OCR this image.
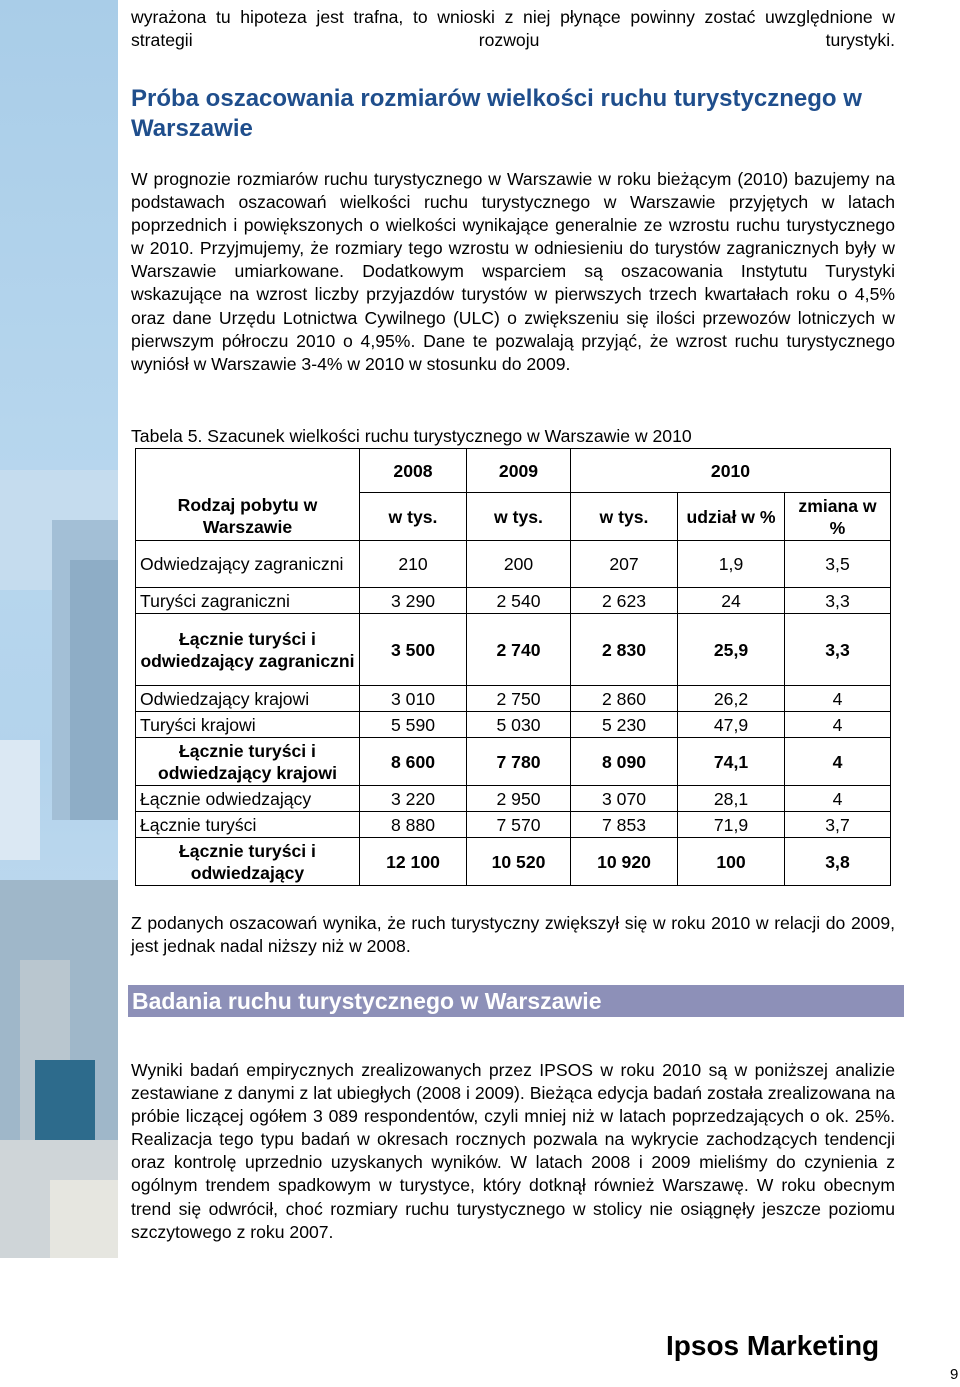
wyrażona tu hipoteza jest trafna, to wnioski z niej płynące powinny zostać uwzględnione w strategii rozwoju turystyki.

Próba oszacowania rozmiarów wielkości ruchu turystycznego w Warszawie

W prognozie rozmiarów ruchu turystycznego w Warszawie w roku bieżącym (2010) bazujemy na podstawach oszacowań wielkości ruchu turystycznego w Warszawie przyjętych w latach poprzednich i powiększonych o wielkości wynikające generalnie ze wzrostu ruchu turystycznego w 2010. Przyjmujemy, że rozmiary tego wzrostu w odniesieniu do turystów zagranicznych były w Warszawie umiarkowane. Dodatkowym wsparciem są oszacowania Instytutu Turystyki wskazujące na wzrost liczby przyjazdów turystów w pierwszych trzech kwartałach roku o 4,5% oraz dane Urzędu Lotnictwa Cywilnego (ULC) o zwiększeniu się ilości przewozów lotniczych w pierwszym półroczu 2010 o 4,95%. Dane te pozwalają przyjąć, że wzrost ruchu turystycznego wyniósł w Warszawie 3-4% w 2010 w stosunku do 2009.

Tabela 5. Szacunek wielkości ruchu turystycznego w Warszawie w 2010

	2008	2009	2010		
Rodzaj pobytu w Warszawie	w tys.	w tys.	w tys.	udział w %	zmiana w %
Odwiedzający zagraniczni	210	200	207	1,9	3,5
Turyści zagraniczni	3 290	2 540	2 623	24	3,3
Łącznie turyści i odwiedzający zagraniczni	3 500	2 740	2 830	25,9	3,3
Odwiedzający krajowi	3 010	2 750	2 860	26,2	4
Turyści krajowi	5 590	5 030	5 230	47,9	4
Łącznie turyści i odwiedzający krajowi	8 600	7 780	8 090	74,1	4
Łącznie odwiedzający	3 220	2 950	3 070	28,1	4
Łącznie turyści	8 880	7 570	7 853	71,9	3,7
Łącznie turyści i odwiedzający	12 100	10 520	10 920	100	3,8

Z podanych oszacowań wynika, że ruch turystyczny zwiększył się w roku 2010 w relacji do 2009, jest jednak nadal niższy niż w 2008.

Badania ruchu turystycznego w Warszawie

Wyniki badań empirycznych zrealizowanych przez IPSOS w roku 2010 są w poniższej analizie zestawiane z danymi z lat ubiegłych (2008 i 2009). Bieżąca edycja badań została zrealizowana na próbie liczącej ogółem 3 089 respondentów, czyli mniej niż w latach poprzedzających o ok. 25%. Realizacja tego typu badań w okresach rocznych pozwala na wykrycie zachodzących tendencji oraz kontrolę uprzednio uzyskanych wyników. W latach 2008 i 2009 mieliśmy do czynienia z ogólnym trendem spadkowym w turystyce, który dotknął również Warszawę. W roku obecnym trend się odwrócił, choć rozmiary ruchu turystycznego w stolicy nie osiągnęły jeszcze poziomu szczytowego z roku 2007.

Ipsos Marketing

9
